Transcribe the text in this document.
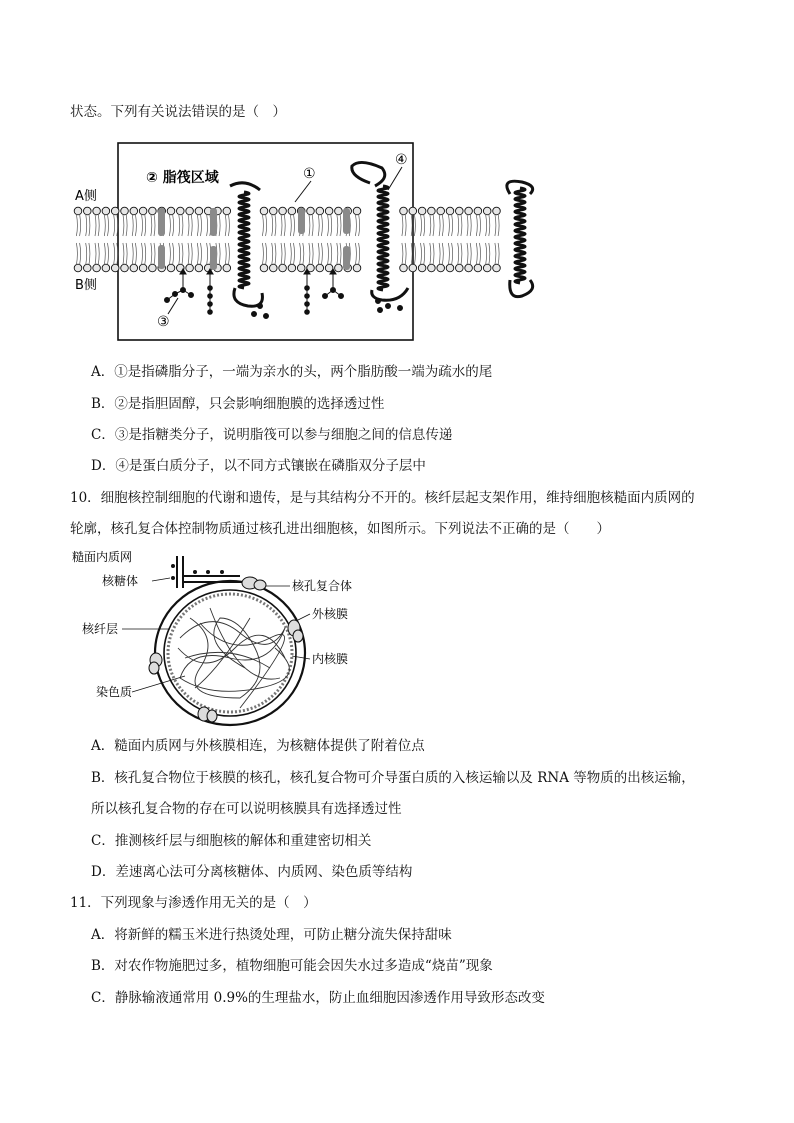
状态。下列有关说法错误的是（　）
A侧
B侧
② 脂筏区域	①
④
③
A．①是指磷脂分子，一端为亲水的头，两个脂肪酸一端为疏水的尾
B．②是指胆固醇，只会影响细胞膜的选择透过性
C．③是指糖类分子，说明脂筏可以参与细胞之间的信息传递
D．④是蛋白质分子，以不同方式镶嵌在磷脂双分子层中
10．细胞核控制细胞的代谢和遗传，是与其结构分不开的。核纤层起支架作用，维持细胞核糙面内质网的
轮廓，核孔复合体控制物质通过核孔进出细胞核，如图所示。下列说法不正确的是（　　）
糙面内质网
核糖体
核纤层
染色质
核孔复合体
外核膜
内核膜
A．糙面内质网与外核膜相连，为核糖体提供了附着位点
B．核孔复合物位于核膜的核孔，核孔复合物可介导蛋白质的入核运输以及 RNA 等物质的出核运输，
所以核孔复合物的存在可以说明核膜具有选择透过性
C．推测核纤层与细胞核的解体和重建密切相关
D．差速离心法可分离核糖体、内质网、染色质等结构
11．下列现象与渗透作用无关的是（　）
A．将新鲜的糯玉米进行热烫处理，可防止糖分流失保持甜味
B．对农作物施肥过多，植物细胞可能会因失水过多造成“烧苗”现象
C．静脉输液通常用 0.9%的生理盐水，防止血细胞因渗透作用导致形态改变
